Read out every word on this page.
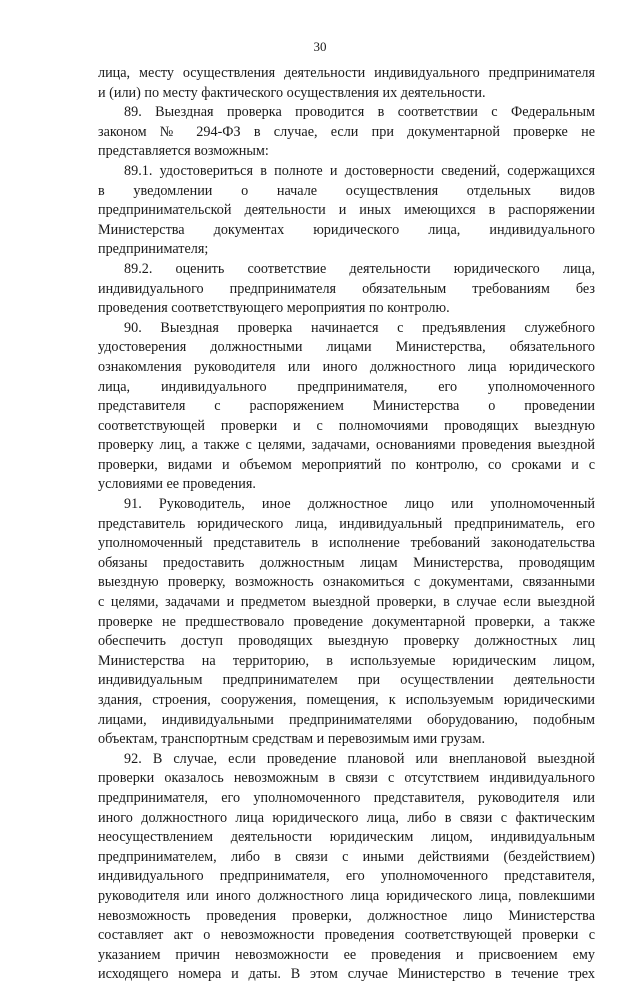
30
лица, месту осуществления деятельности индивидуального предпринимателя
и (или) по месту фактического осуществления их деятельности.
89. Выездная проверка проводится в соответствии с Федеральным
законом № 294-ФЗ в случае, если при документарной проверке не
представляется возможным:
89.1. удостовериться в полноте и достоверности сведений, содержащихся
в уведомлении о начале осуществления отдельных видов
предпринимательской деятельности и иных имеющихся в распоряжении
Министерства документах юридического лица, индивидуального
предпринимателя;
89.2. оценить соответствие деятельности юридического лица,
индивидуального предпринимателя обязательным требованиям без
проведения соответствующего мероприятия по контролю.
90. Выездная проверка начинается с предъявления служебного
удостоверения должностными лицами Министерства, обязательного
ознакомления руководителя или иного должностного лица юридического
лица, индивидуального предпринимателя, его уполномоченного
представителя с распоряжением Министерства о проведении
соответствующей проверки и с полномочиями проводящих выездную
проверку лиц, а также с целями, задачами, основаниями проведения выездной
проверки, видами и объемом мероприятий по контролю, со сроками и с
условиями ее проведения.
91. Руководитель, иное должностное лицо или уполномоченный
представитель юридического лица, индивидуальный предприниматель, его
уполномоченный представитель в исполнение требований законодательства
обязаны предоставить должностным лицам Министерства, проводящим
выездную проверку, возможность ознакомиться с документами, связанными
с целями, задачами и предметом выездной проверки, в случае если выездной
проверке не предшествовало проведение документарной проверки, а также
обеспечить доступ проводящих выездную проверку должностных лиц
Министерства на территорию, в используемые юридическим лицом,
индивидуальным предпринимателем при осуществлении деятельности
здания, строения, сооружения, помещения, к используемым юридическими
лицами, индивидуальными предпринимателями оборудованию, подобным
объектам, транспортным средствам и перевозимым ими грузам.
92. В случае, если проведение плановой или внеплановой выездной
проверки оказалось невозможным в связи с отсутствием индивидуального
предпринимателя, его уполномоченного представителя, руководителя или
иного должностного лица юридического лица, либо в связи с фактическим
неосуществлением деятельности юридическим лицом, индивидуальным
предпринимателем, либо в связи с иными действиями (бездействием)
индивидуального предпринимателя, его уполномоченного представителя,
руководителя или иного должностного лица юридического лица, повлекшими
невозможность проведения проверки, должностное лицо Министерства
составляет акт о невозможности проведения соответствующей проверки с
указанием причин невозможности ее проведения и присвоением ему
исходящего номера и даты. В этом случае Министерство в течение трех
